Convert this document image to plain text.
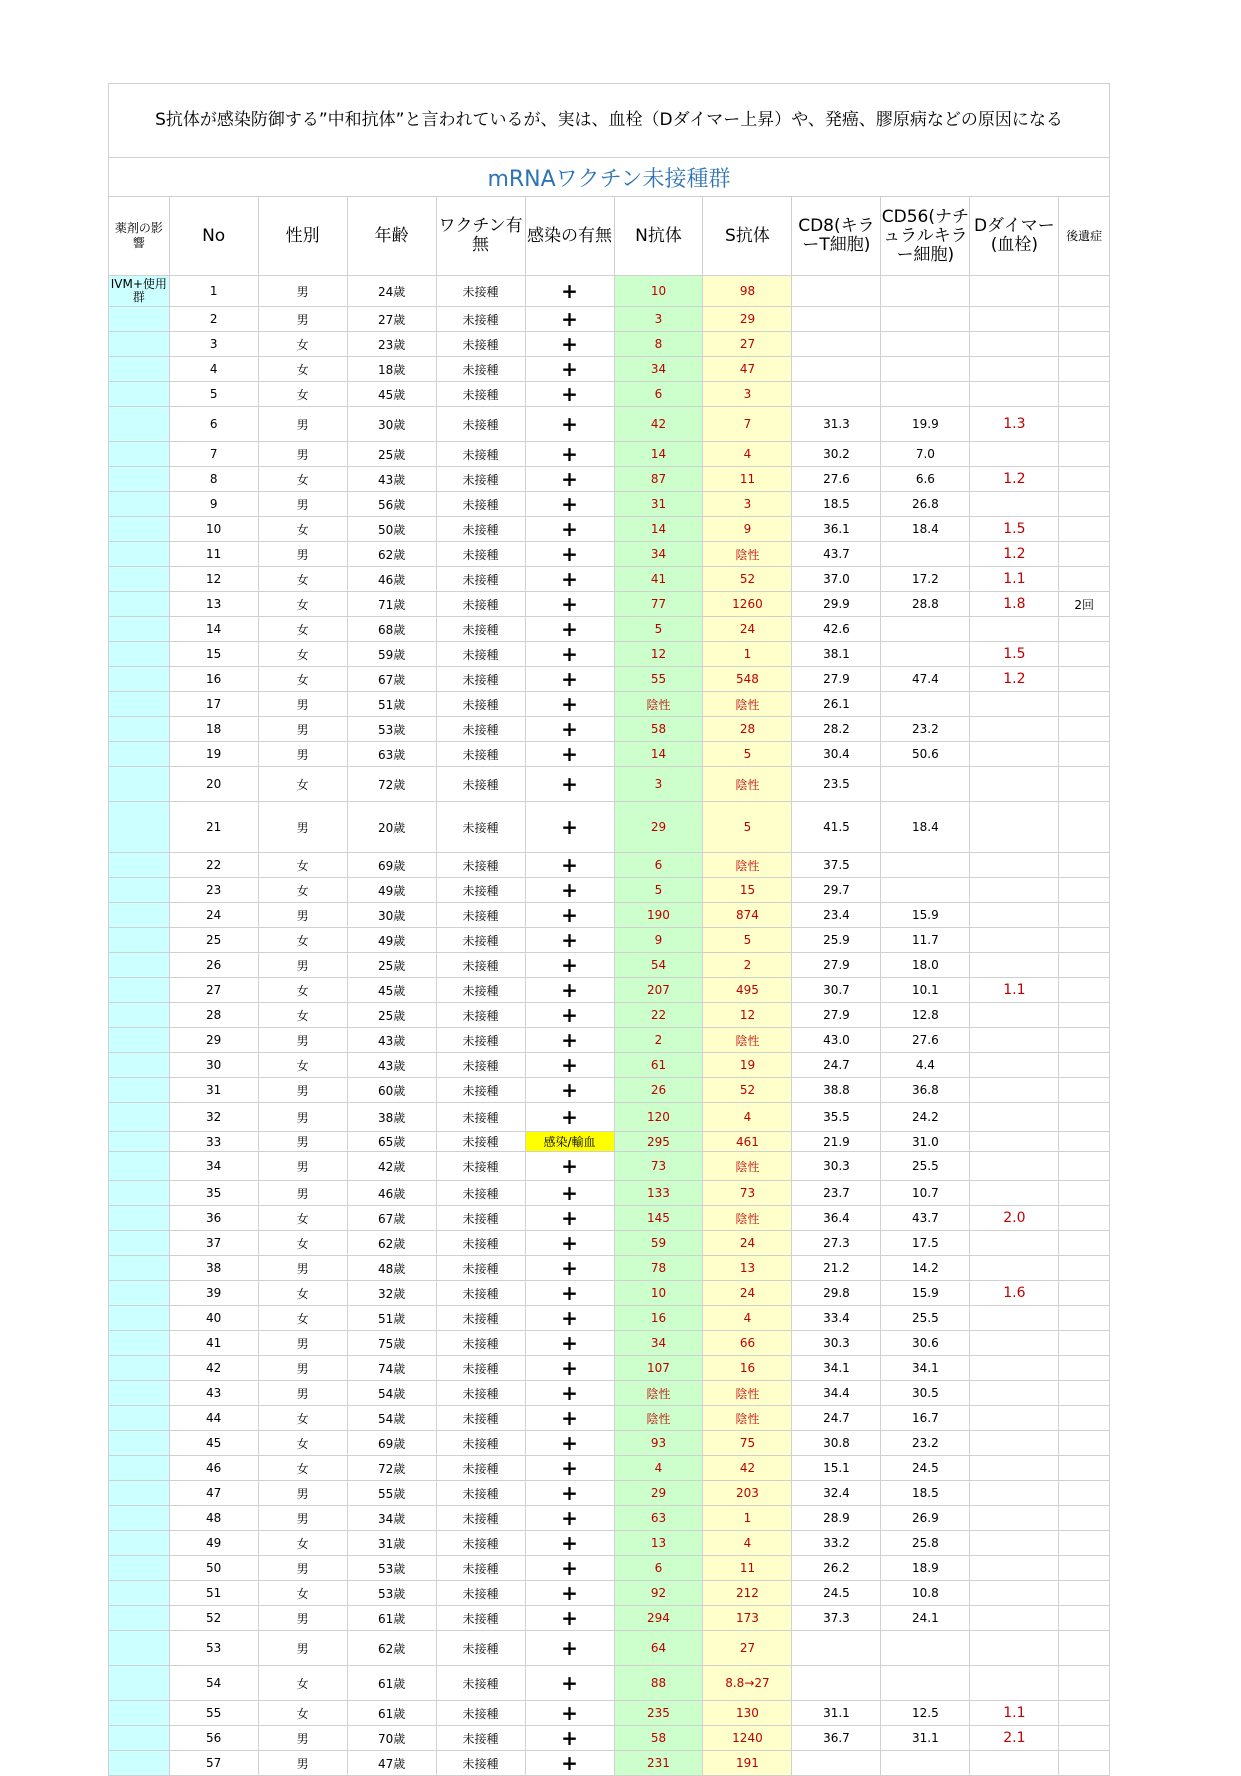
S抗体が感染防御する”中和抗体”と言われているが、実は、血栓（Dダイマー上昇）や、発癌、膠原病などの原因になる											
mRNAワクチン未接種群											
薬剤の影響	No	性別	年齢	ワクチン有無	感染の有無	N抗体	S抗体	CD8(キラーT細胞)	CD56(ナチュラルキラー細胞)	Dダイマー(血栓)	後遺症
IVM+使用群	1	男	24歳	未接種	+	10	98				
	2	男	27歳	未接種	+	3	29				
	3	女	23歳	未接種	+	8	27				
	4	女	18歳	未接種	+	34	47				
	5	女	45歳	未接種	+	6	3				
	6	男	30歳	未接種	+	42	7	31.3	19.9	1.3	
	7	男	25歳	未接種	+	14	4	30.2	7.0		
	8	女	43歳	未接種	+	87	11	27.6	6.6	1.2	
	9	男	56歳	未接種	+	31	3	18.5	26.8		
	10	女	50歳	未接種	+	14	9	36.1	18.4	1.5	
	11	男	62歳	未接種	+	34	陰性	43.7		1.2	
	12	女	46歳	未接種	+	41	52	37.0	17.2	1.1	
	13	女	71歳	未接種	+	77	1260	29.9	28.8	1.8	2回
	14	女	68歳	未接種	+	5	24	42.6			
	15	女	59歳	未接種	+	12	1	38.1		1.5	
	16	女	67歳	未接種	+	55	548	27.9	47.4	1.2	
	17	男	51歳	未接種	+	陰性	陰性	26.1			
	18	男	53歳	未接種	+	58	28	28.2	23.2		
	19	男	63歳	未接種	+	14	5	30.4	50.6		
	20	女	72歳	未接種	+	3	陰性	23.5			
	21	男	20歳	未接種	+	29	5	41.5	18.4		
	22	女	69歳	未接種	+	6	陰性	37.5			
	23	女	49歳	未接種	+	5	15	29.7			
	24	男	30歳	未接種	+	190	874	23.4	15.9		
	25	女	49歳	未接種	+	9	5	25.9	11.7		
	26	男	25歳	未接種	+	54	2	27.9	18.0		
	27	女	45歳	未接種	+	207	495	30.7	10.1	1.1	
	28	女	25歳	未接種	+	22	12	27.9	12.8		
	29	男	43歳	未接種	+	2	陰性	43.0	27.6		
	30	女	43歳	未接種	+	61	19	24.7	4.4		
	31	男	60歳	未接種	+	26	52	38.8	36.8		
	32	男	38歳	未接種	+	120	4	35.5	24.2		
	33	男	65歳	未接種	感染/輸血	295	461	21.9	31.0		
	34	男	42歳	未接種	+	73	陰性	30.3	25.5		
	35	男	46歳	未接種	+	133	73	23.7	10.7		
	36	女	67歳	未接種	+	145	陰性	36.4	43.7	2.0	
	37	女	62歳	未接種	+	59	24	27.3	17.5		
	38	男	48歳	未接種	+	78	13	21.2	14.2		
	39	女	32歳	未接種	+	10	24	29.8	15.9	1.6	
	40	女	51歳	未接種	+	16	4	33.4	25.5		
	41	男	75歳	未接種	+	34	66	30.3	30.6		
	42	男	74歳	未接種	+	107	16	34.1	34.1		
	43	男	54歳	未接種	+	陰性	陰性	34.4	30.5		
	44	女	54歳	未接種	+	陰性	陰性	24.7	16.7		
	45	女	69歳	未接種	+	93	75	30.8	23.2		
	46	女	72歳	未接種	+	4	42	15.1	24.5		
	47	男	55歳	未接種	+	29	203	32.4	18.5		
	48	男	34歳	未接種	+	63	1	28.9	26.9		
	49	女	31歳	未接種	+	13	4	33.2	25.8		
	50	男	53歳	未接種	+	6	11	26.2	18.9		
	51	女	53歳	未接種	+	92	212	24.5	10.8		
	52	男	61歳	未接種	+	294	173	37.3	24.1		
	53	男	62歳	未接種	+	64	27				
	54	女	61歳	未接種	+	88	8.8→27				
	55	女	61歳	未接種	+	235	130	31.1	12.5	1.1	
	56	男	70歳	未接種	+	58	1240	36.7	31.1	2.1	
	57	男	47歳	未接種	+	231	191				
